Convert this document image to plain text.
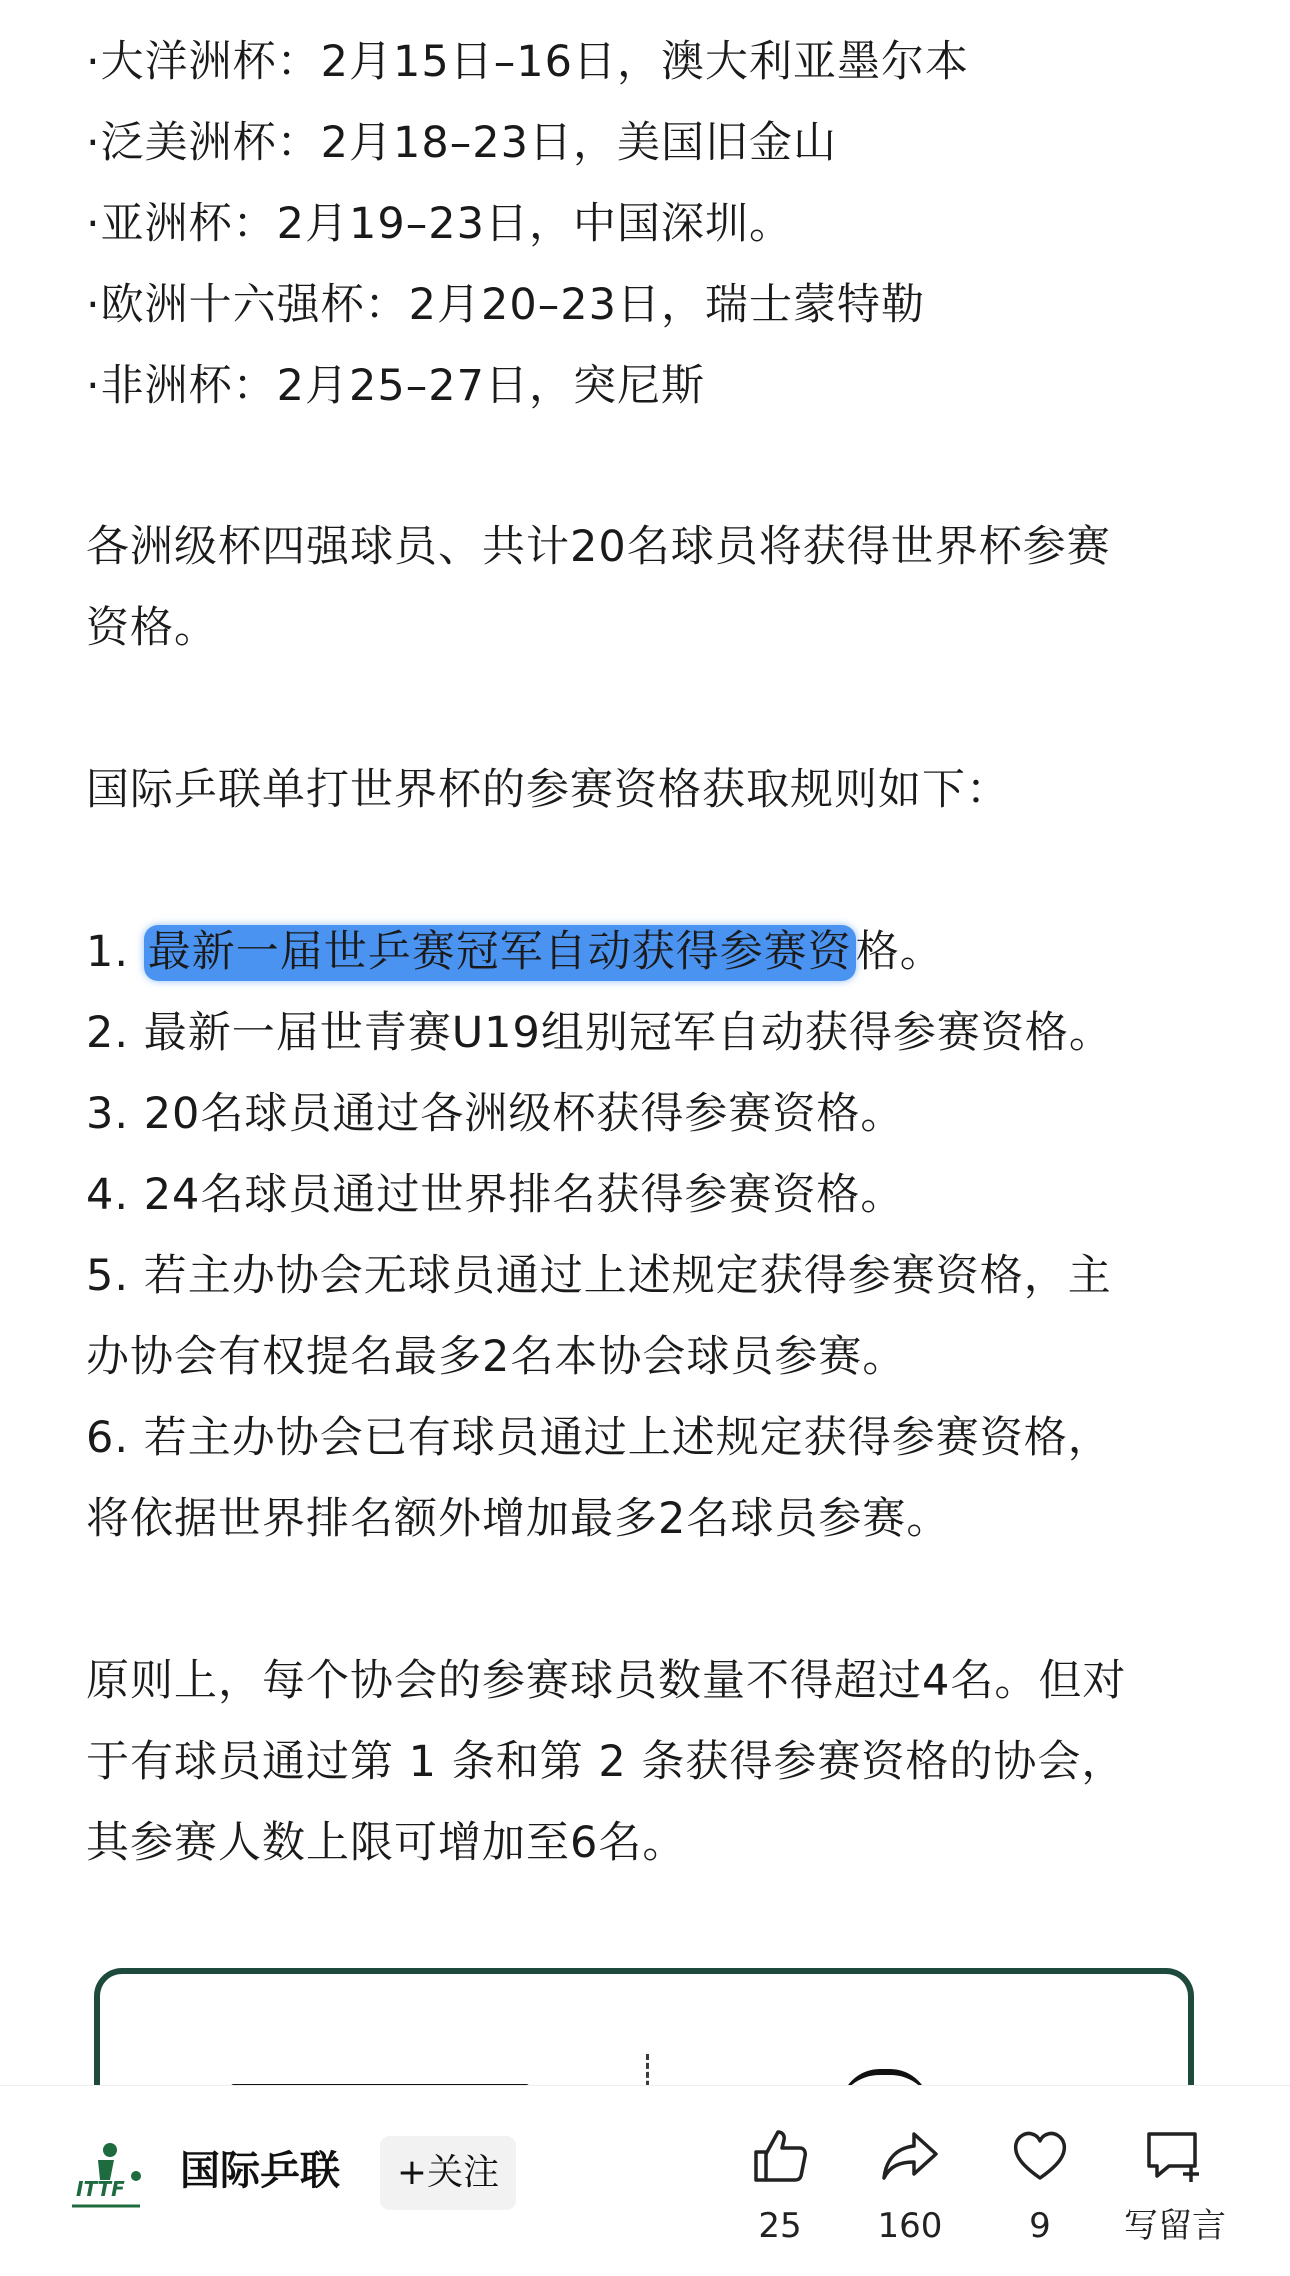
·大洋洲杯：2月15日–16日，澳大利亚墨尔本
·泛美洲杯：2月18–23日，美国旧金山
·亚洲杯：2月19–23日，中国深圳。
·欧洲十六强杯：2月20–23日，瑞士蒙特勒
·非洲杯：2月25–27日，突尼斯
各洲级杯四强球员、共计20名球员将获得世界杯参赛
资格。
国际乒联单打世界杯的参赛资格获取规则如下：
1. 最新一届世乒赛冠军自动获得参赛资格。
2. 最新一届世青赛U19组别冠军自动获得参赛资格。
3. 20名球员通过各洲级杯获得参赛资格。
4. 24名球员通过世界排名获得参赛资格。
5. 若主办协会无球员通过上述规定获得参赛资格，主
办协会有权提名最多2名本协会球员参赛。
6. 若主办协会已有球员通过上述规定获得参赛资格，
将依据世界排名额外增加最多2名球员参赛。
原则上，每个协会的参赛球员数量不得超过4名。但对
于有球员通过第 1 条和第 2 条获得参赛资格的协会，
其参赛人数上限可增加至6名。
ITTF 国际乒联	+关注
25	160	9	写留言
